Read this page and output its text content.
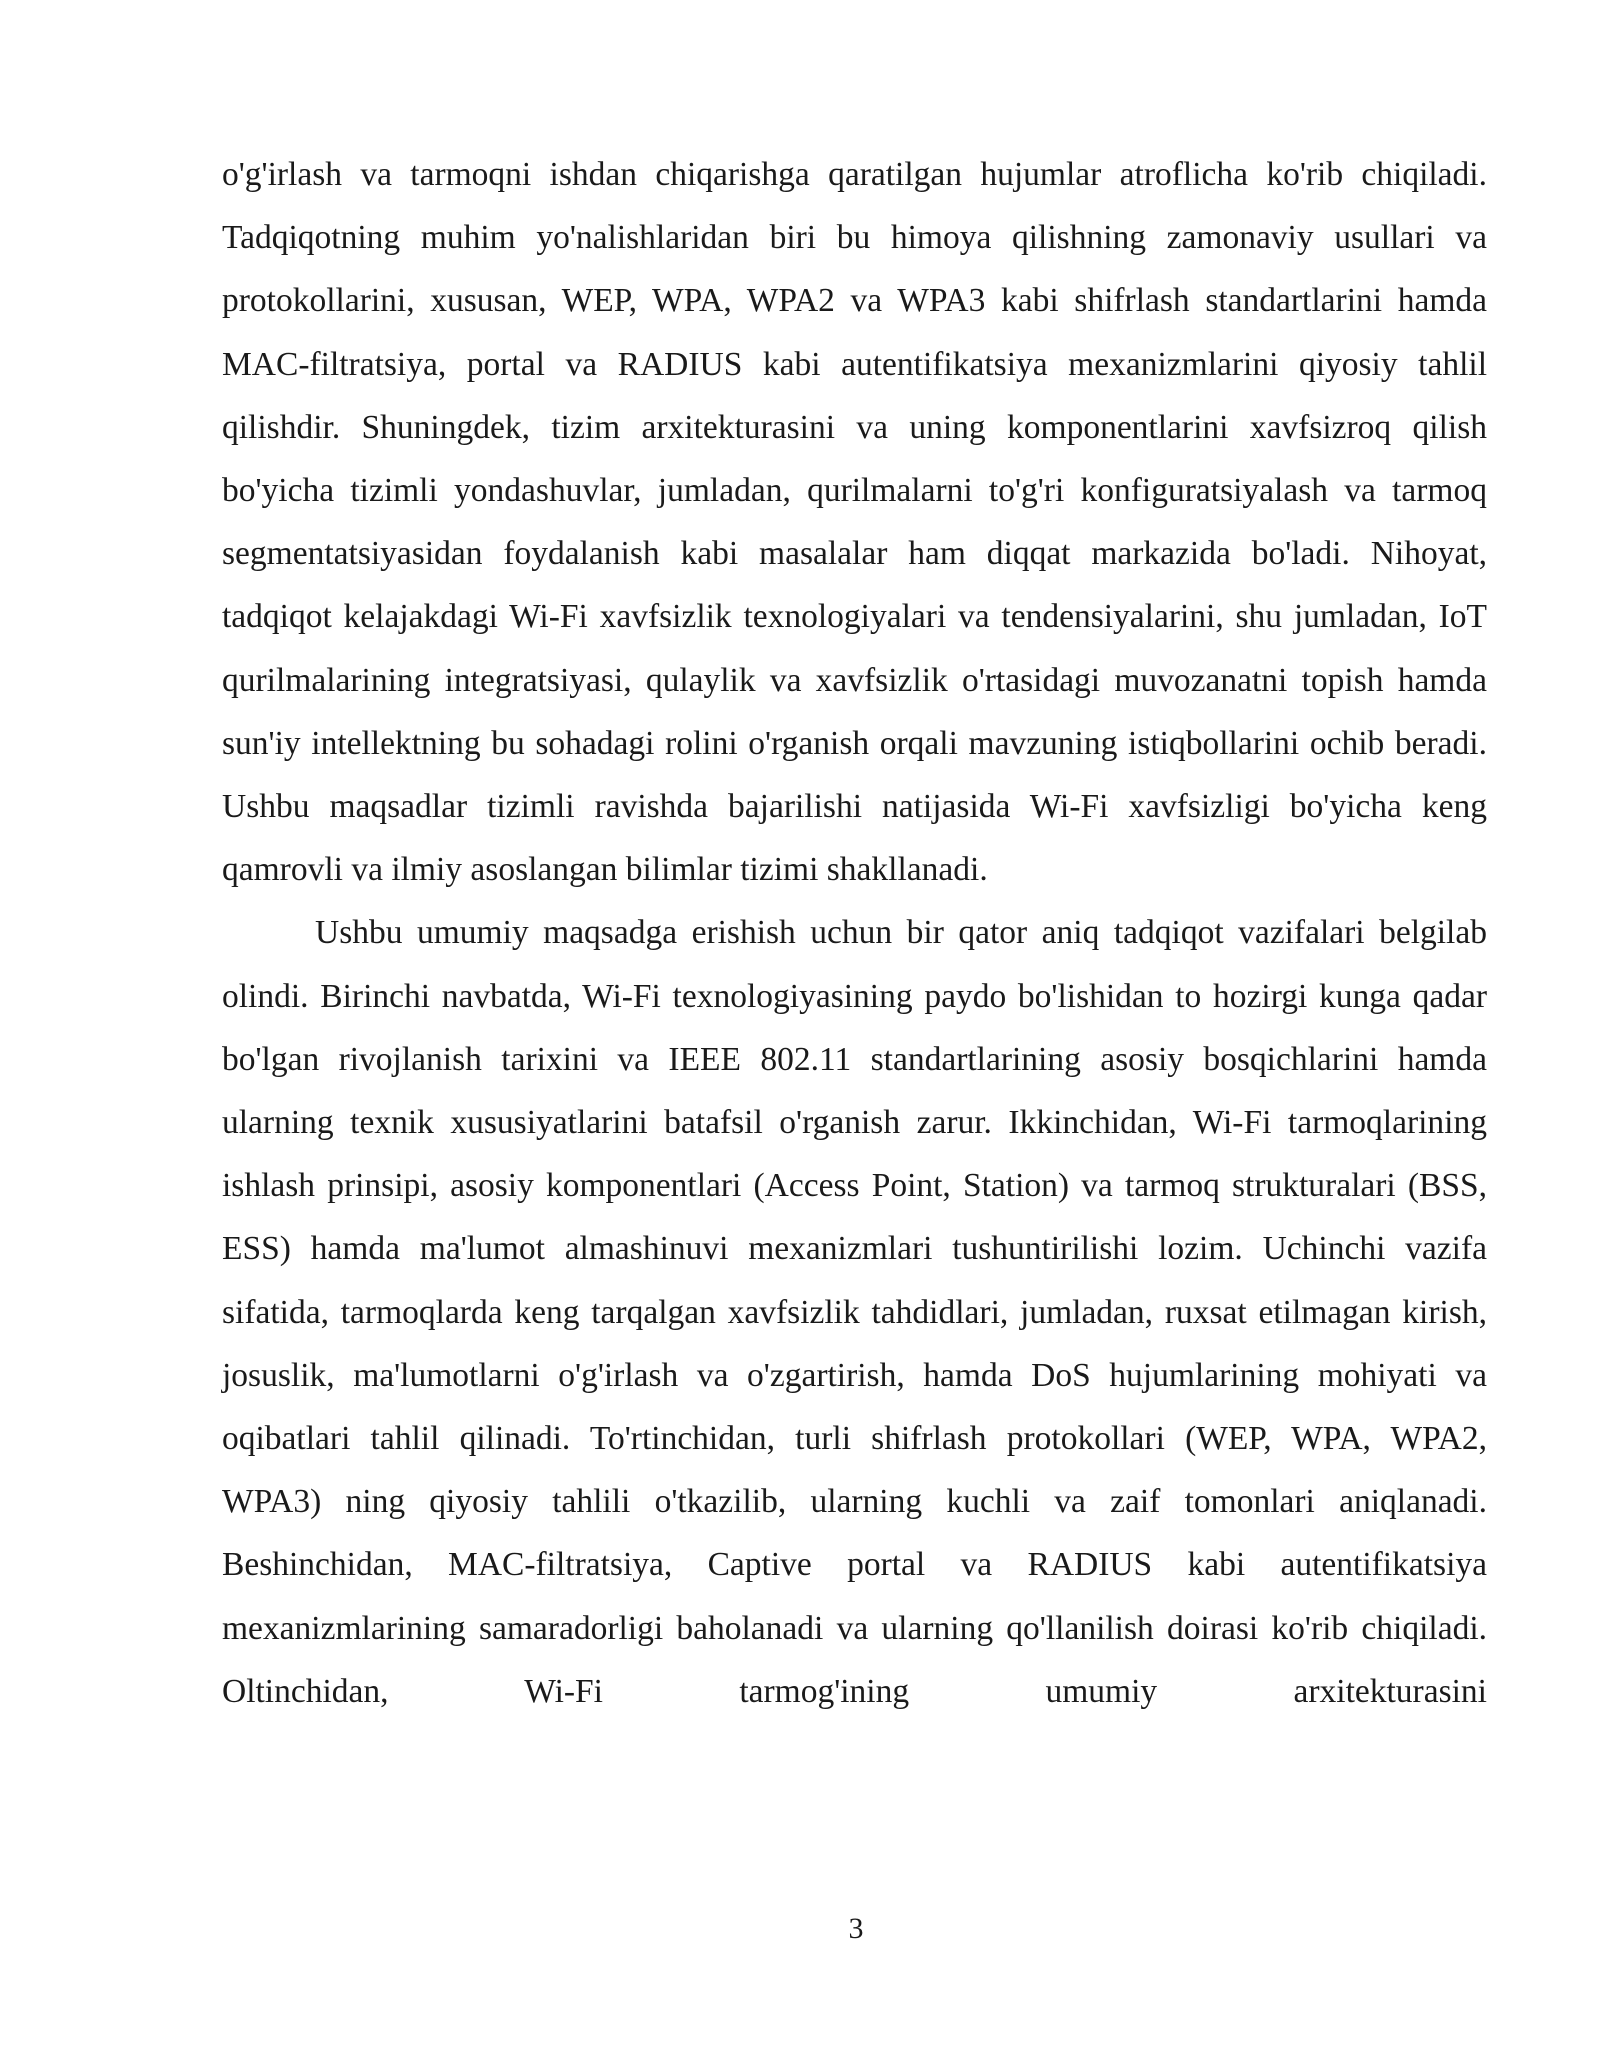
o'g'irlash va tarmoqni ishdan chiqarishga qaratilgan hujumlar atroflicha ko'rib chiqiladi. Tadqiqotning muhim yo'nalishlaridan biri bu himoya qilishning zamonaviy usullari va protokollarini, xususan, WEP, WPA, WPA2 va WPA3 kabi shifrlash standartlarini hamda MAC-filtratsiya, portal va RADIUS kabi autentifikatsiya mexanizmlarini qiyosiy tahlil qilishdir. Shuningdek, tizim arxitekturasini va uning komponentlarini xavfsizroq qilish bo'yicha tizimli yondashuvlar, jumladan, qurilmalarni to'g'ri konfiguratsiyalash va tarmoq segmentatsiyasidan foydalanish kabi masalalar ham diqqat markazida bo'ladi. Nihoyat, tadqiqot kelajakdagi Wi-Fi xavfsizlik texnologiyalari va tendensiyalarini, shu jumladan, IoT qurilmalarining integratsiyasi, qulaylik va xavfsizlik o'rtasidagi muvozanatni topish hamda sun'iy intellektning bu sohadagi rolini o'rganish orqali mavzuning istiqbollarini ochib beradi. Ushbu maqsadlar tizimli ravishda bajarilishi natijasida Wi-Fi xavfsizligi bo'yicha keng qamrovli va ilmiy asoslangan bilimlar tizimi shakllanadi.

Ushbu umumiy maqsadga erishish uchun bir qator aniq tadqiqot vazifalari belgilab olindi. Birinchi navbatda, Wi-Fi texnologiyasining paydo bo'lishidan to hozirgi kunga qadar bo'lgan rivojlanish tarixini va IEEE 802.11 standartlarining asosiy bosqichlarini hamda ularning texnik xususiyatlarini batafsil o'rganish zarur. Ikkinchidan, Wi-Fi tarmoqlarining ishlash prinsipi, asosiy komponentlari (Access Point, Station) va tarmoq strukturalari (BSS, ESS) hamda ma'lumot almashinuvi mexanizmlari tushuntirilishi lozim. Uchinchi vazifa sifatida, tarmoqlarda keng tarqalgan xavfsizlik tahdidlari, jumladan, ruxsat etilmagan kirish, josuslik, ma'lumotlarni o'g'irlash va o'zgartirish, hamda DoS hujumlarining mohiyati va oqibatlari tahlil qilinadi. To'rtinchidan, turli shifrlash protokollari (WEP, WPA, WPA2, WPA3) ning qiyosiy tahlili o'tkazilib, ularning kuchli va zaif tomonlari aniqlanadi. Beshinchidan, MAC-filtratsiya, Captive portal va RADIUS kabi autentifikatsiya mexanizmlarining samaradorligi baholanadi va ularning qo'llanilish doirasi ko'rib chiqiladi. Oltinchidan, Wi-Fi tarmog'ining umumiy arxitekturasini

3
